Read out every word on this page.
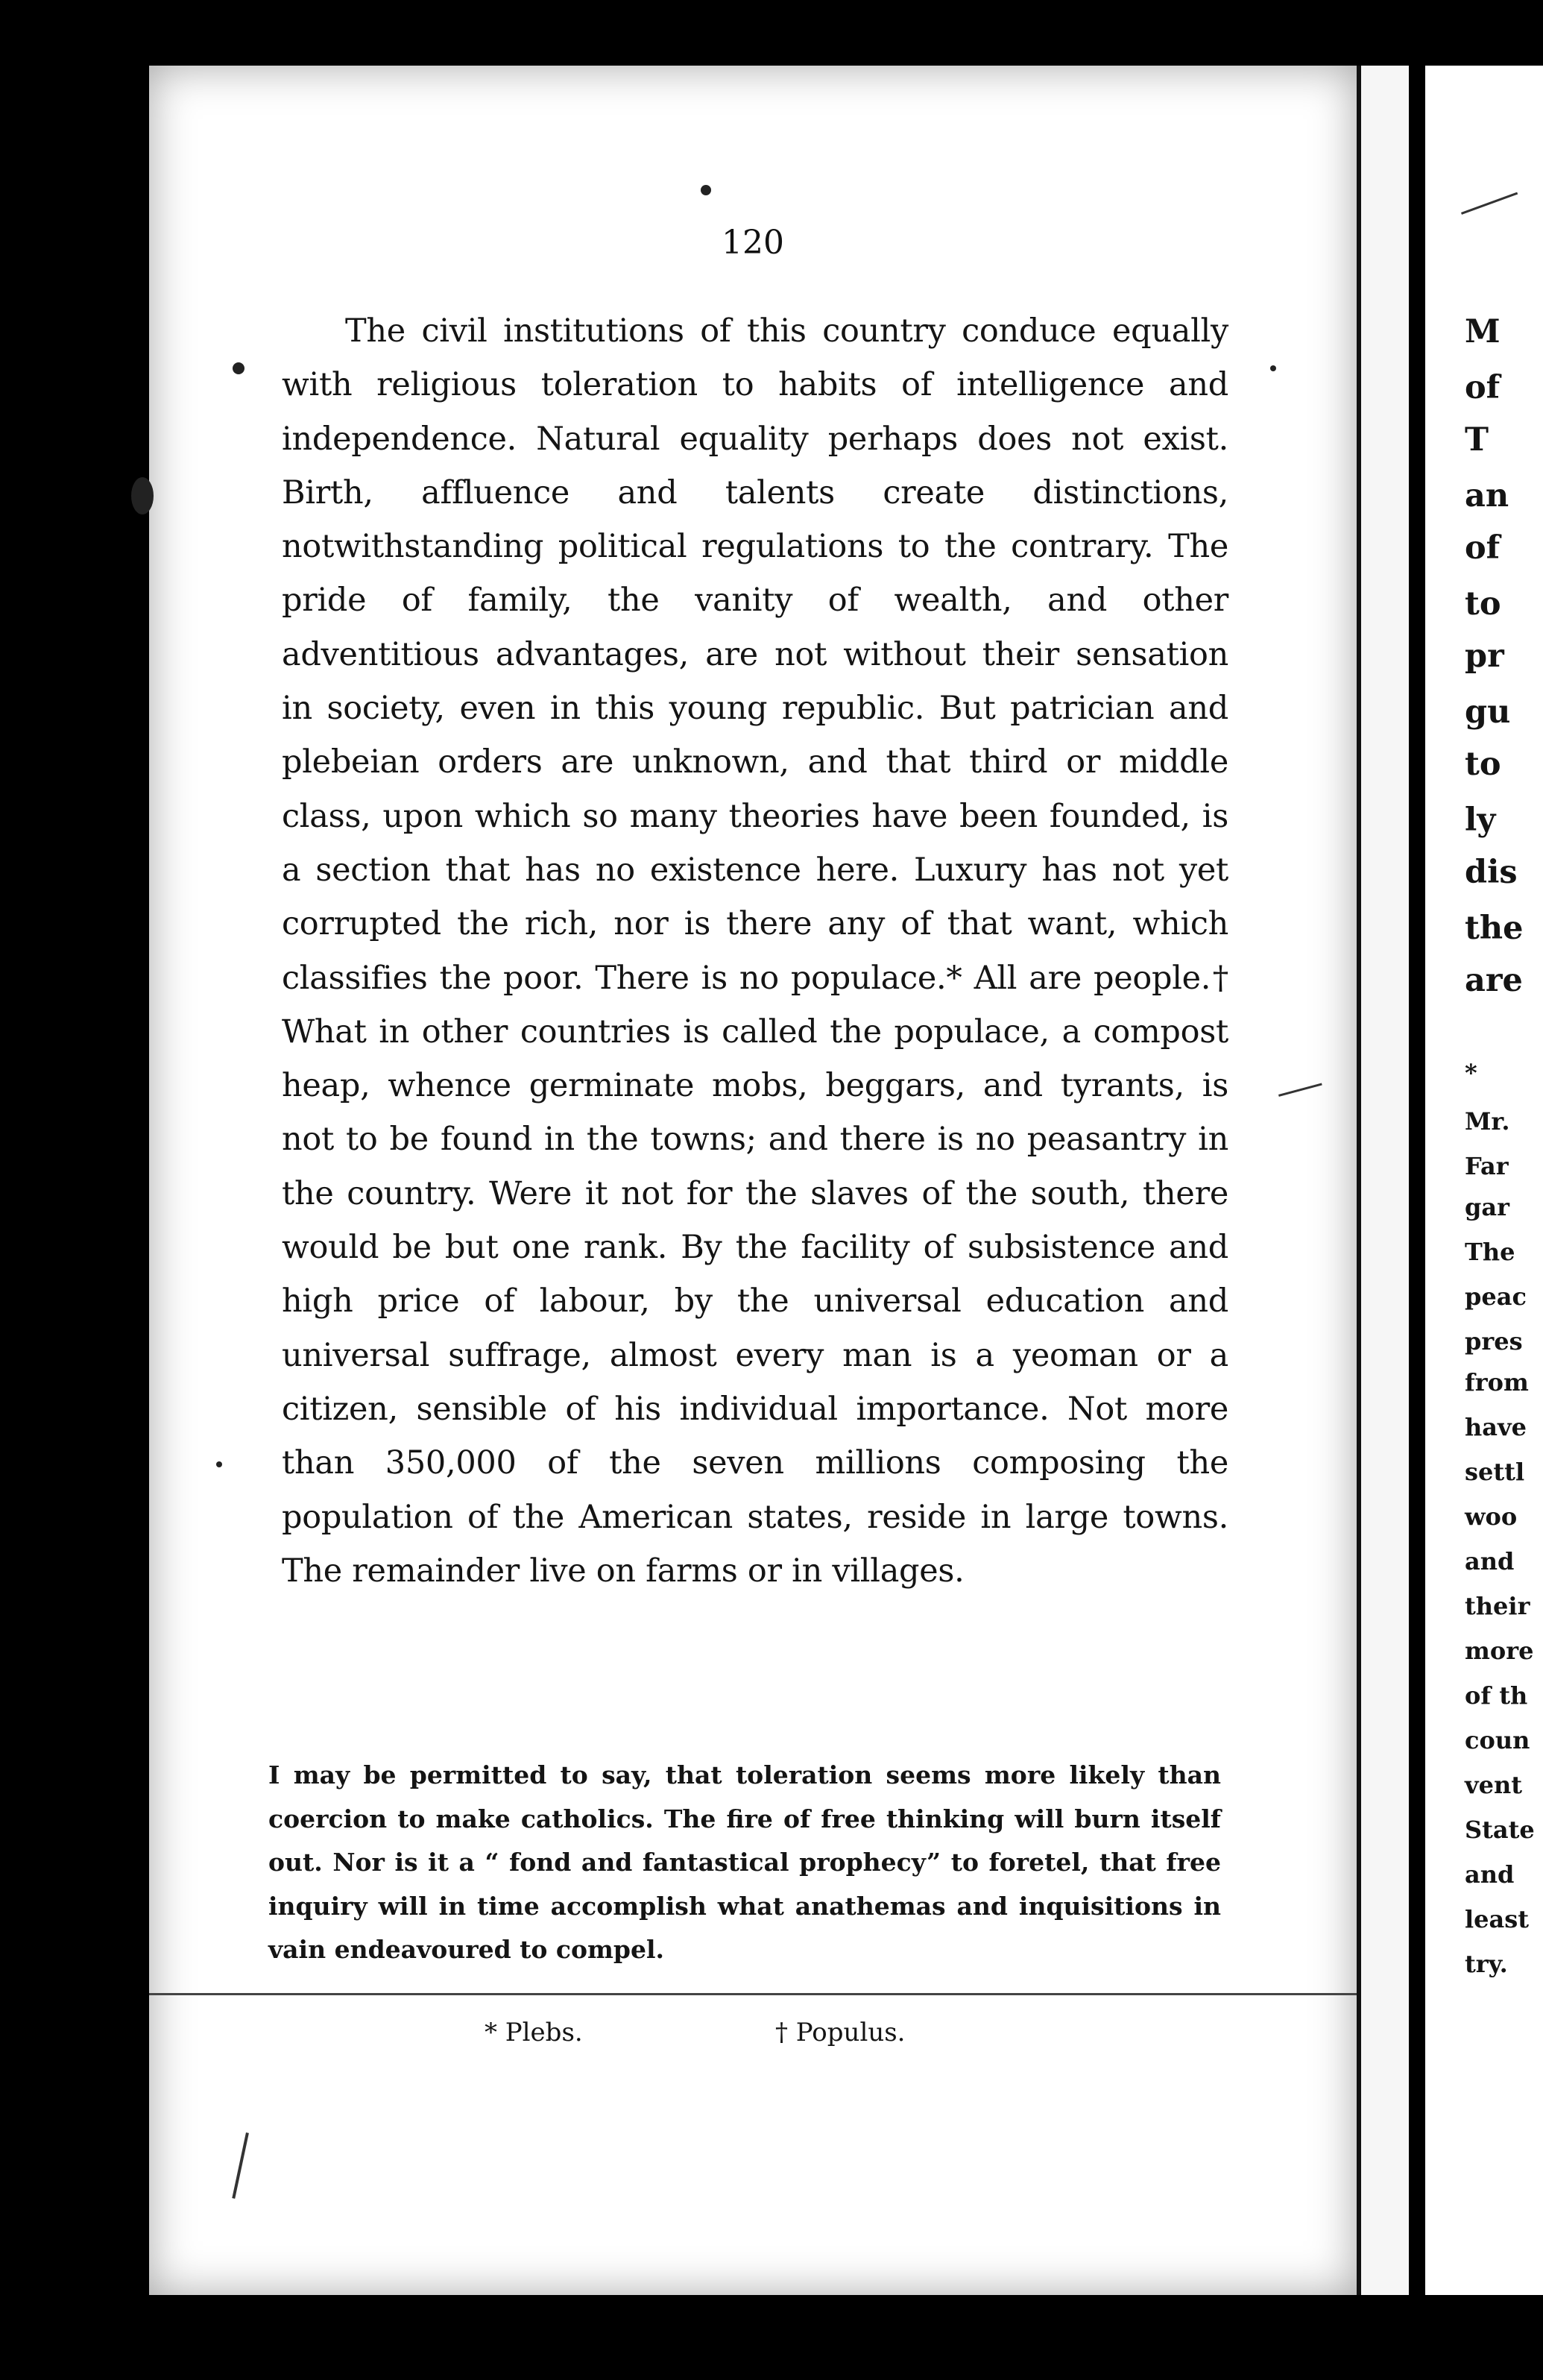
120

The civil institutions of this country conduce equally with religious toleration to habits of intelligence and independence. Natural equality perhaps does not exist. Birth, affluence and talents create distinctions, notwithstanding political regulations to the contrary. The pride of family, the vanity of wealth, and other adventitious advantages, are not without their sensation in society, even in this young republic. But patrician and plebeian orders are unknown, and that third or middle class, upon which so many theories have been founded, is a section that has no existence here. Luxury has not yet corrupted the rich, nor is there any of that want, which classifies the poor. There is no populace.* All are people.† What in other countries is called the populace, a compost heap, whence germinate mobs, beggars, and tyrants, is not to be found in the towns; and there is no peasantry in the country. Were it not for the slaves of the south, there would be but one rank. By the facility of subsistence and high price of labour, by the universal education and universal suffrage, almost every man is a yeoman or a citizen, sensible of his individual importance. Not more than 350,000 of the seven millions composing the population of the American states, reside in large towns. The remainder live on farms or in villages.

I may be permitted to say, that toleration seems more likely than coercion to make catholics. The fire of free thinking will burn itself out. Nor is it a “ fond and fantastical prophecy” to foretel, that free inquiry will in time accomplish what anathemas and inquisitions in vain endeavoured to compel.

* Plebs.	† Populus.
M
of
T
an
of
to
pr
gu
to
ly
dis
the
are
*
Mr.
Far
gar
The
peac
pres
from
have
settl
woo
and
their
more
of th
coun
vent
State
and
least
try.
